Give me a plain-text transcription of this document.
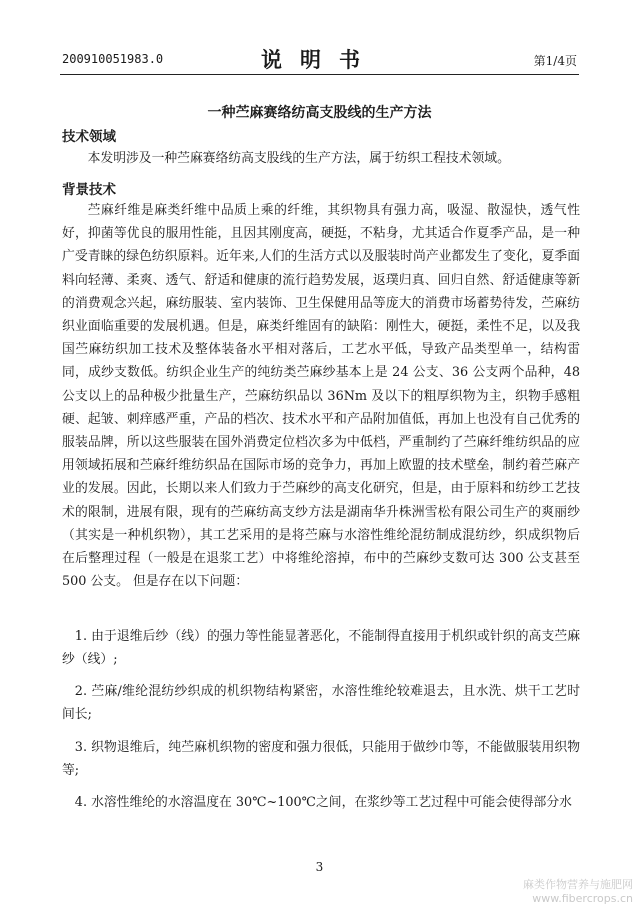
200910051983.0	说明书	第1/4页
一种苎麻赛络纺高支股线的生产方法
技术领域

本发明涉及一种苎麻赛络纺高支股线的生产方法，属于纺织工程技术领域。

背景技术

苎麻纤维是麻类纤维中品质上乘的纤维，其织物具有强力高，吸湿、散湿快，透气性好，抑菌等优良的服用性能，且因其刚度高，硬挺，不粘身，尤其适合作夏季产品，是一种广受青睐的绿色纺织原料。近年来,人们的生活方式以及服装时尚产业都发生了变化，夏季面料向轻薄、柔爽、透气、舒适和健康的流行趋势发展，返璞归真、回归自然、舒适健康等新的消费观念兴起，麻纺服装、室内装饰、卫生保健用品等庞大的消费市场蓄势待发，苎麻纺织业面临重要的发展机遇。但是，麻类纤维固有的缺陷：刚性大，硬挺，柔性不足，以及我国苎麻纺织加工技术及整体装备水平相对落后，工艺水平低，导致产品类型单一，结构雷同，成纱支数低。纺织企业生产的纯纺类苎麻纱基本上是 24 公支、36 公支两个品种，48 公支以上的品种极少批量生产，苎麻纺织品以 36Nm 及以下的粗厚织物为主，织物手感粗硬、起皱、刺痒感严重，产品的档次、技术水平和产品附加值低，再加上也没有自己优秀的服装品牌，所以这些服装在国外消费定位档次多为中低档，严重制约了苎麻纤维纺织品的应用领域拓展和苎麻纤维纺织品在国际市场的竞争力，再加上欧盟的技术壁垒，制约着苎麻产业的发展。因此，长期以来人们致力于苎麻纱的高支化研究，但是，由于原料和纺纱工艺技术的限制，进展有限，现有的苎麻纺高支纱方法是湖南华升株洲雪松有限公司生产的爽丽纱（其实是一种机织物），其工艺采用的是将苎麻与水溶性维纶混纺制成混纺纱，织成织物后在后整理过程（一般是在退浆工艺）中将维纶溶掉，布中的苎麻纱支数可达 300 公支甚至 500 公支。 但是存在以下问题：

1. 由于退维后纱（线）的强力等性能显著恶化，不能制得直接用于机织或针织的高支苎麻纱（线）;

2. 苎麻/维纶混纺纱织成的机织物结构紧密，水溶性维纶较难退去，且水洗、烘干工艺时间长;

3. 织物退维后，纯苎麻机织物的密度和强力很低，只能用于做纱巾等，不能做服装用织物等;

4. 水溶性维纶的水溶温度在 30℃~100℃之间，在浆纱等工艺过程中可能会使得部分水

3
麻类作物营养与施肥网
www.fibercrops.cn
